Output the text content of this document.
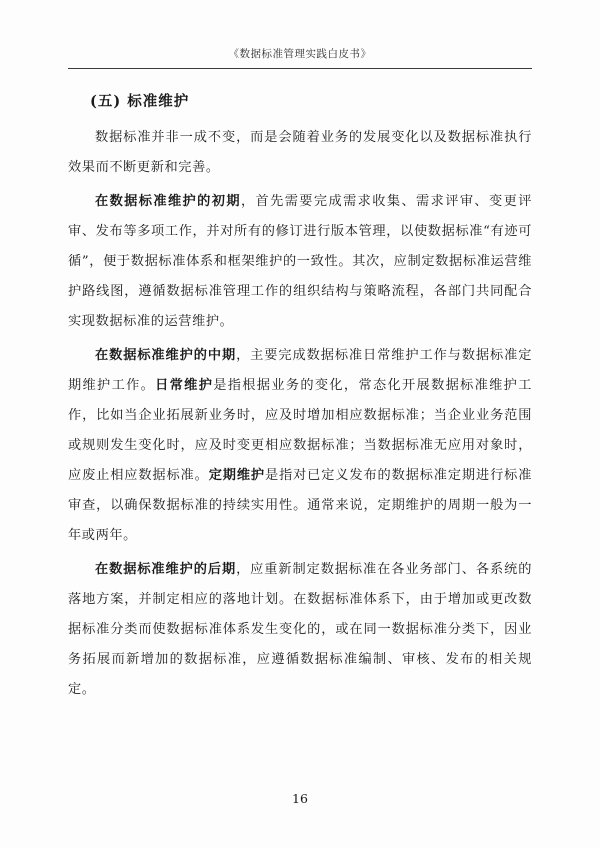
《数据标准管理实践白皮书》
(五) 标准维护

数据标准并非一成不变，而是会随着业务的发展变化以及数据标准执行效果而不断更新和完善。

在数据标准维护的初期，首先需要完成需求收集、需求评审、变更评审、发布等多项工作，并对所有的修订进行版本管理，以使数据标准“有迹可循”，便于数据标准体系和框架维护的一致性。其次，应制定数据标准运营维护路线图，遵循数据标准管理工作的组织结构与策略流程，各部门共同配合实现数据标准的运营维护。

在数据标准维护的中期，主要完成数据标准日常维护工作与数据标准定期维护工作。日常维护是指根据业务的变化，常态化开展数据标准维护工作，比如当企业拓展新业务时，应及时增加相应数据标准；当企业业务范围或规则发生变化时，应及时变更相应数据标准；当数据标准无应用对象时，应废止相应数据标准。定期维护是指对已定义发布的数据标准定期进行标准审查，以确保数据标准的持续实用性。通常来说，定期维护的周期一般为一年或两年。

在数据标准维护的后期，应重新制定数据标准在各业务部门、各系统的落地方案，并制定相应的落地计划。在数据标准体系下，由于增加或更改数据标准分类而使数据标准体系发生变化的，或在同一数据标准分类下，因业务拓展而新增加的数据标准，应遵循数据标准编制、审核、发布的相关规定。

16
